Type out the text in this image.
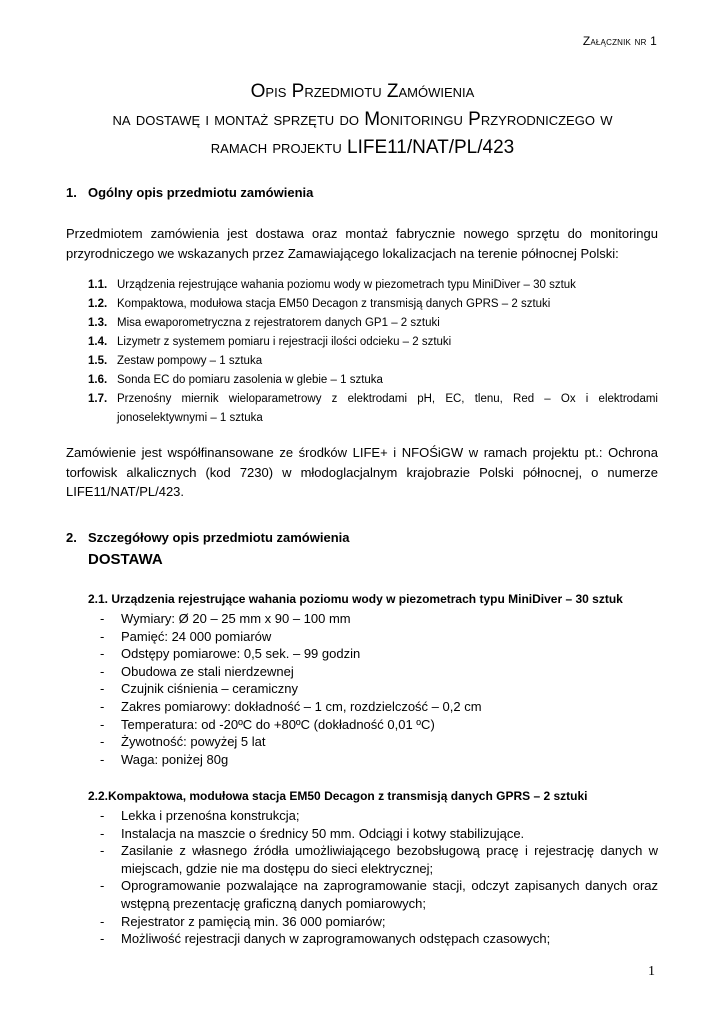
Załącznik nr 1
Opis Przedmiotu Zamówienia
na dostawę i montaż sprzętu do Monitoringu Przyrodniczego w
ramach projektu LIFE11/NAT/PL/423
1. Ogólny opis przedmiotu zamówienia
Przedmiotem zamówienia jest dostawa oraz montaż fabrycznie nowego sprzętu do monitoringu przyrodniczego we wskazanych przez Zamawiającego lokalizacjach na terenie północnej Polski:
1.1. Urządzenia rejestrujące wahania poziomu wody w piezometrach typu MiniDiver – 30 sztuk
1.2. Kompaktowa, modułowa stacja EM50 Decagon z transmisją danych GPRS – 2 sztuki
1.3. Misa ewaporometryczna z rejestratorem danych GP1 – 2 sztuki
1.4. Lizymetr z systemem pomiaru i rejestracji ilości odcieku – 2 sztuki
1.5. Zestaw pompowy – 1 sztuka
1.6. Sonda EC do pomiaru zasolenia w glebie – 1 sztuka
1.7. Przenośny miernik wieloparametrowy z elektrodami pH, EC, tlenu, Red – Ox i elektrodami jonoselektywnymi – 1 sztuka
Zamówienie jest współfinansowane ze środków LIFE+ i NFOŚiGW w ramach projektu pt.: Ochrona torfowisk alkalicznych (kod 7230) w młodoglacjalnym krajobrazie Polski północnej, o numerze LIFE11/NAT/PL/423.
2. Szczegółowy opis przedmiotu zamówienia
DOSTAWA
2.1. Urządzenia rejestrujące wahania poziomu wody w piezometrach typu MiniDiver – 30 sztuk
- Wymiary: Ø 20 – 25 mm x 90 – 100 mm
- Pamięć: 24 000 pomiarów
- Odstępy pomiarowe: 0,5 sek. – 99 godzin
- Obudowa ze stali nierdzewnej
- Czujnik ciśnienia – ceramiczny
- Zakres pomiarowy: dokładność – 1 cm, rozdzielczość – 0,2 cm
- Temperatura: od -20ºC do +80ºC (dokładność 0,01 ºC)
- Żywotność: powyżej 5 lat
- Waga: poniżej 80g
2.2.Kompaktowa, modułowa stacja EM50 Decagon z transmisją danych GPRS – 2 sztuki
- Lekka i przenośna konstrukcja;
- Instalacja na maszcie o średnicy 50 mm. Odciągi i kotwy stabilizujące.
- Zasilanie z własnego źródła umożliwiającego bezobsługową pracę i rejestrację danych w miejscach, gdzie nie ma dostępu do sieci elektrycznej;
- Oprogramowanie pozwalające na zaprogramowanie stacji, odczyt zapisanych danych oraz wstępną prezentację graficzną danych pomiarowych;
- Rejestrator z pamięcią min. 36 000 pomiarów;
- Możliwość rejestracji danych w zaprogramowanych odstępach czasowych;
1
